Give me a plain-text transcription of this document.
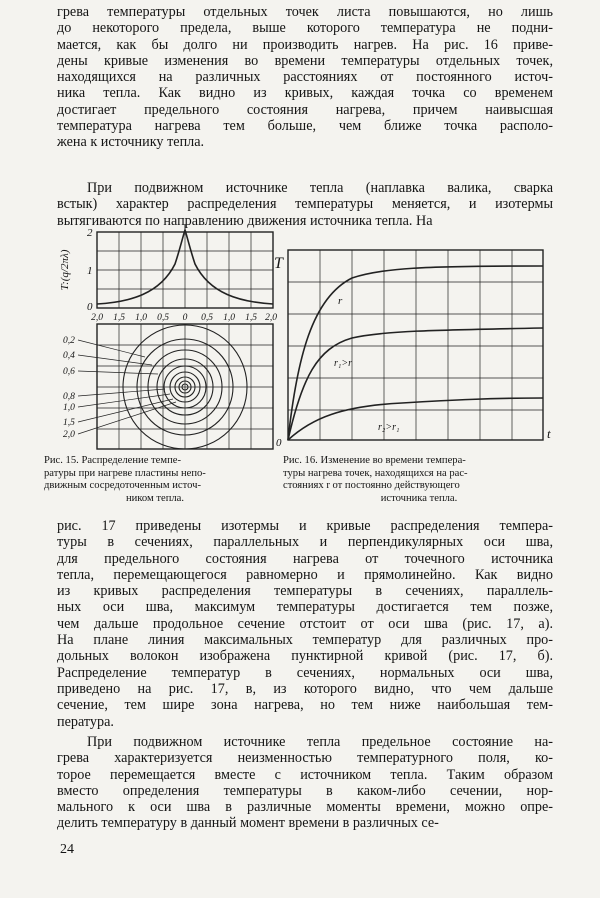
грева температуры отдельных точек листа повышаются, но лишь
до некоторого предела, выше которого температура не подни-
мается, как бы долго ни производить нагрев. На рис. 16 приве-
дены кривые изменения во времени температуры отдельных точек,
находящихся на различных расстояниях от постоянного источ-
ника тепла. Как видно из кривых, каждая точка со временем
достигает предельного состояния нагрева, причем наивысшая
температура нагрева тем больше, чем ближе точка располо-
жена к источнику тепла.
При подвижном источнике тепла (наплавка валика, сварка
встык) характер распределения температуры меняется, и изотермы
вытягиваются по направлению движения источника тепла. На
рис. 17 приведены изотермы и кривые распределения темпера-
туры в сечениях, параллельных и перпендикулярных оси шва,
для предельного состояния нагрева от точечного источника
тепла, перемещающегося равномерно и прямолинейно. Как видно
из кривых распределения температуры в сечениях, параллель-
ных оси шва, максимум температуры достигается тем позже,
чем дальше продольное сечение отстоит от оси шва (рис. 17, а).
На плане линия максимальных температур для различных про-
дольных волокон изображена пунктирной кривой (рис. 17, б).
Распределение температур в сечениях, нормальных оси шва,
приведено на рис. 17, в, из которого видно, что чем дальше
сечение, тем шире зона нагрева, но тем ниже наибольшая тем-
пература.
При подвижном источнике тепла предельное состояние на-
грева характеризуется неизменностью температурного поля, ко-
торое перемещается вместе с источником тепла. Таким образом
вместо определения температуры в каком-либо сечении, нор-
мального к оси шва в различные моменты времени, можно опре-
делить температуру в данный момент времени в различных се-
T:(q/2πλ)
2
1
0
2,0 1,5 1,0 0,5 0 0,5 1,0 1,5 2,0
0,2
0,4
0,6
0,8
1,0
1,5
2,0
T
0
t
r
r₁>r
r₂>r₁
Рис. 15. Распределение темпе-
ратуры при нагреве пластины непо-
движным сосредоточенным источ-
ником тепла.
Рис. 16. Изменение во времени темпера-
туры нагрева точек, находящихся на рас-
стояниях r от постоянно действующего
источника тепла.
24
